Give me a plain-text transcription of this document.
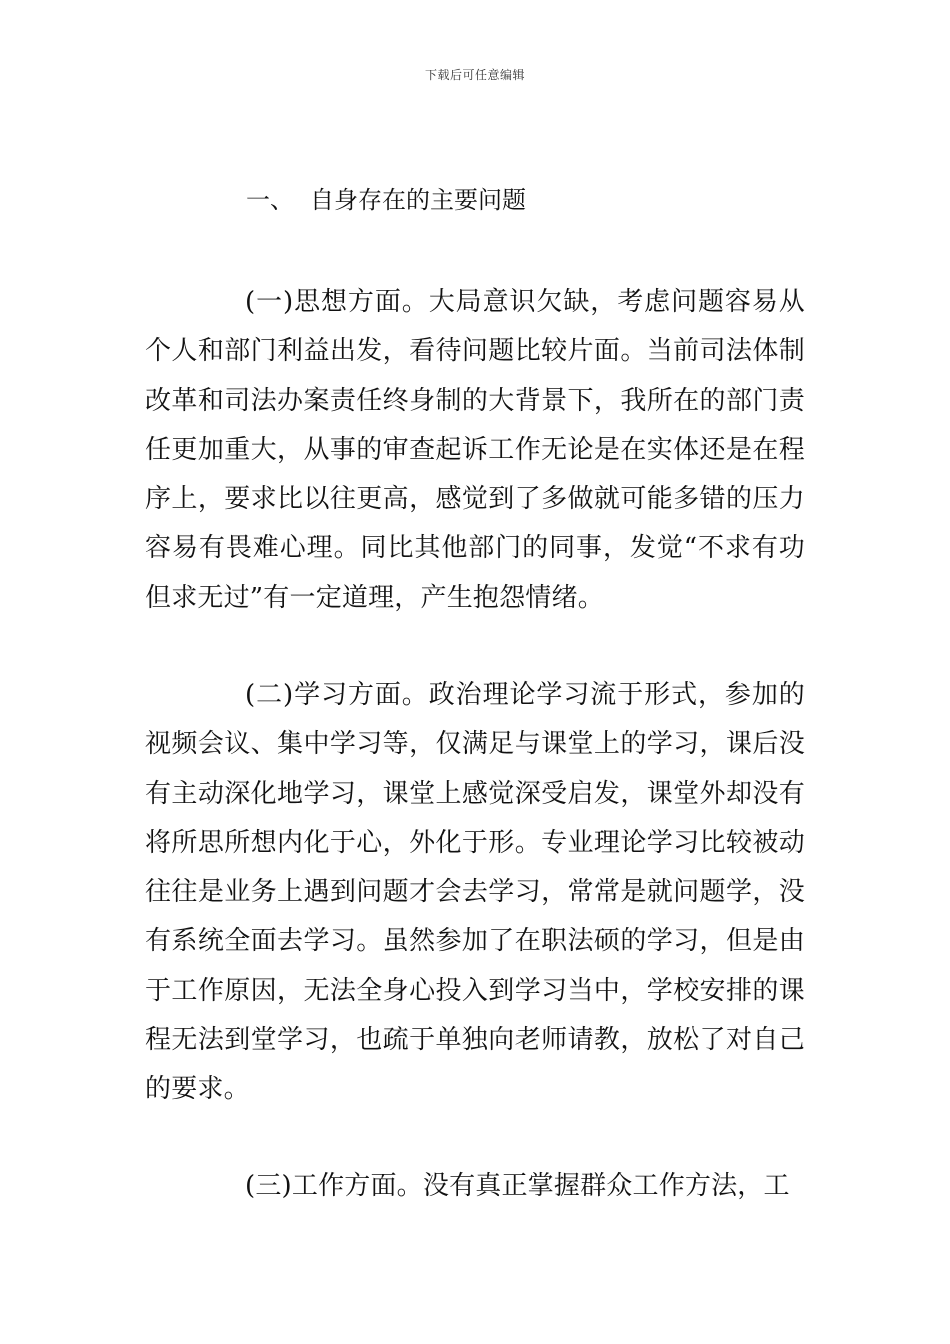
下载后可任意编辑
一、 自身存在的主要问题

(一)思想方面。大局意识欠缺，考虑问题容易从个人和部门利益出发，看待问题比较片面。当前司法体制改革和司法办案责任终身制的大背景下，我所在的部门责任更加重大，从事的审查起诉工作无论是在实体还是在程序上，要求比以往更高，感觉到了多做就可能多错的压力容易有畏难心理。同比其他部门的同事，发觉“不求有功但求无过”有一定道理，产生抱怨情绪。

(二)学习方面。政治理论学习流于形式，参加的视频会议、集中学习等，仅满足与课堂上的学习，课后没有主动深化地学习，课堂上感觉深受启发，课堂外却没有将所思所想内化于心，外化于形。专业理论学习比较被动往往是业务上遇到问题才会去学习，常常是就问题学，没有系统全面去学习。虽然参加了在职法硕的学习，但是由于工作原因，无法全身心投入到学习当中，学校安排的课程无法到堂学习，也疏于单独向老师请教，放松了对自己的要求。

(三)工作方面。没有真正掌握群众工作方法，工
